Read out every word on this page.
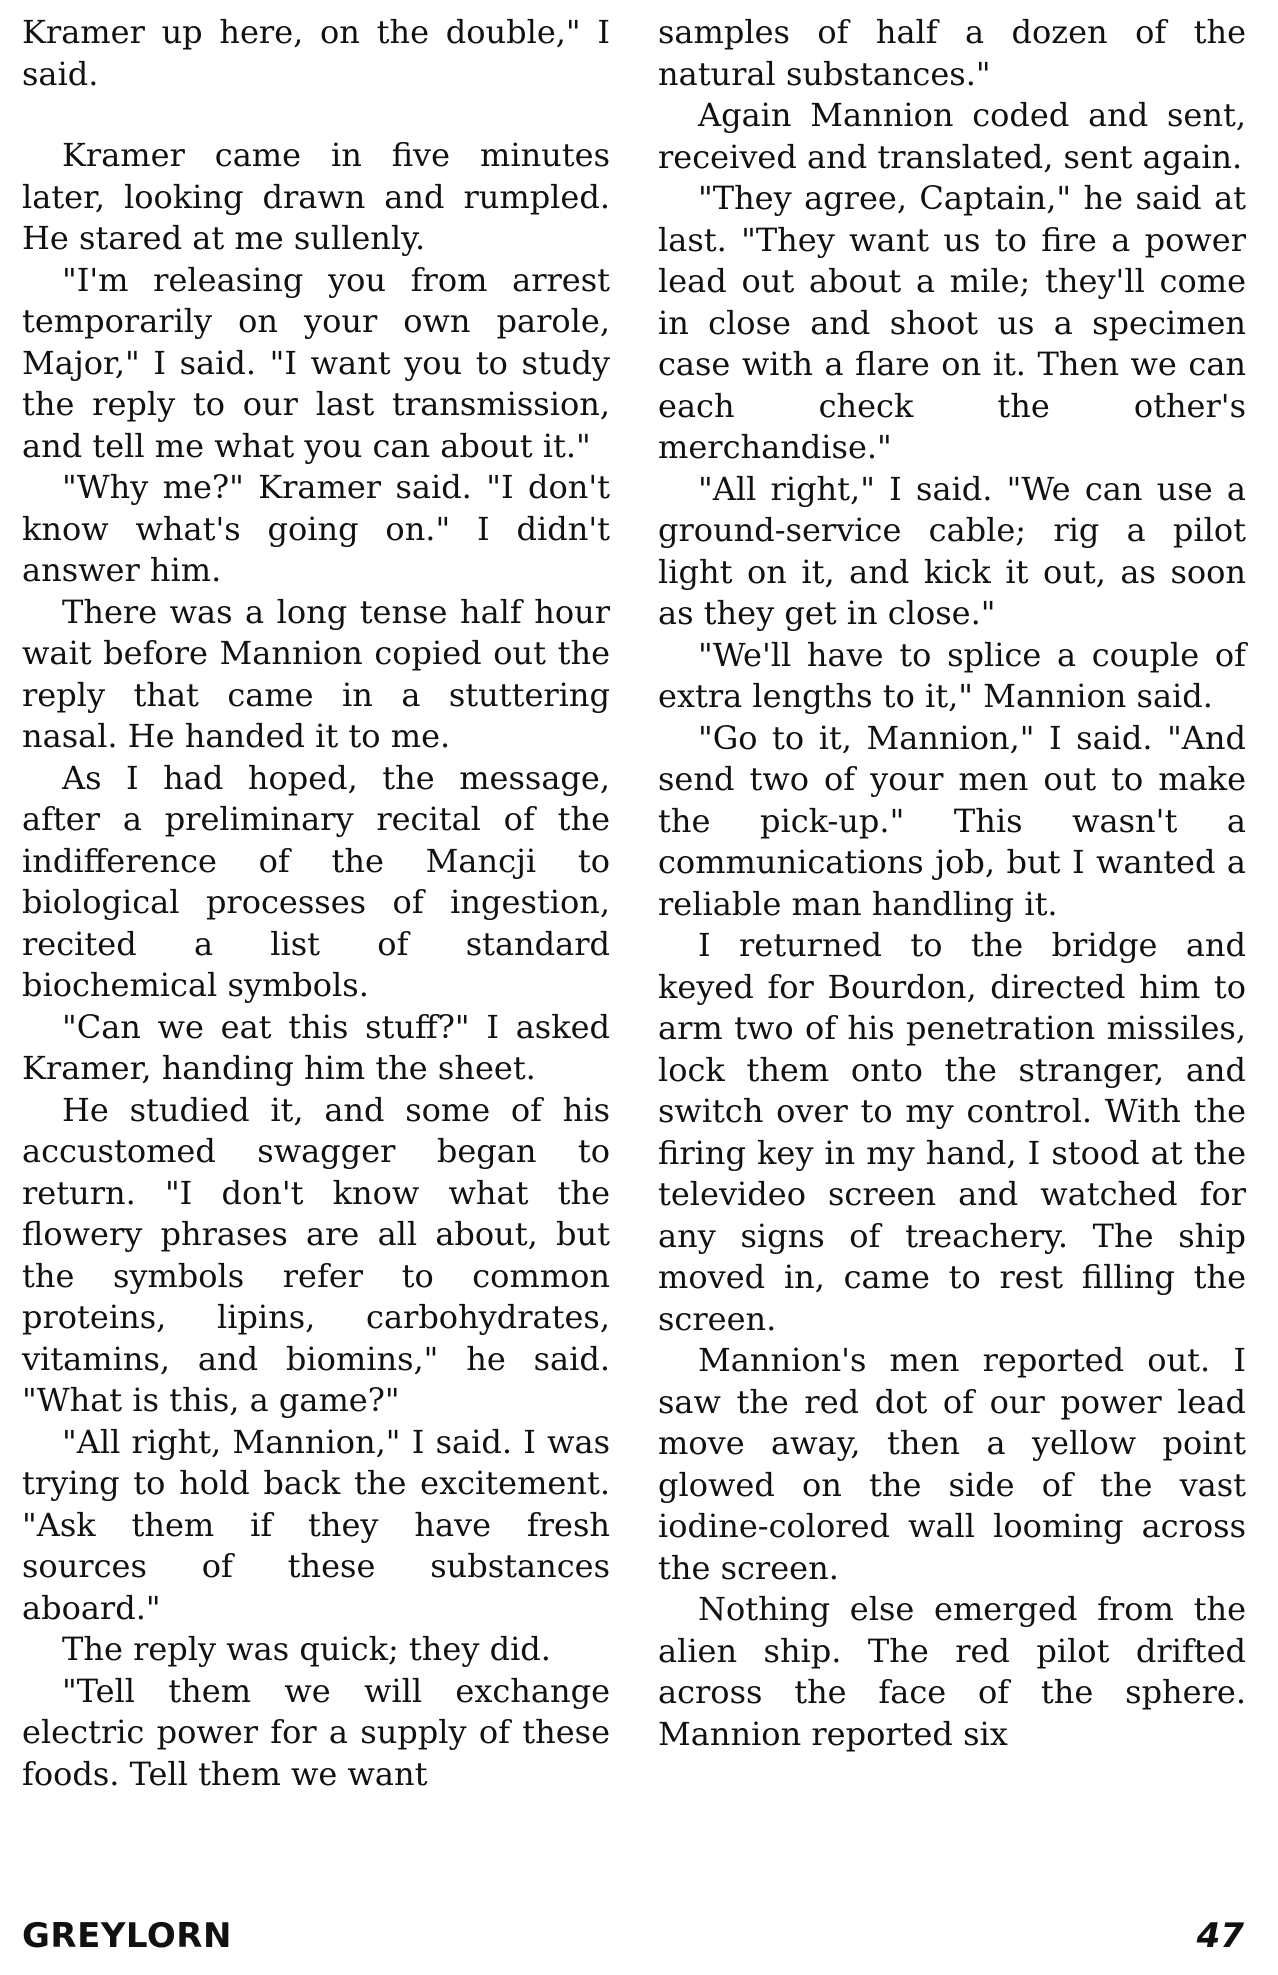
Kramer up here, on the double," I said.

Kramer came in five minutes later, looking drawn and rumpled. He stared at me sullenly.

"I'm releasing you from arrest temporarily on your own parole, Major," I said. "I want you to study the reply to our last transmission, and tell me what you can about it."

"Why me?" Kramer said. "I don't know what's going on." I didn't answer him.

There was a long tense half hour wait before Mannion copied out the reply that came in a stuttering nasal. He handed it to me.

As I had hoped, the message, after a preliminary recital of the indifference of the Mancji to biological processes of ingestion, recited a list of standard biochemical symbols.

"Can we eat this stuff?" I asked Kramer, handing him the sheet.

He studied it, and some of his accustomed swagger began to return. "I don't know what the flowery phrases are all about, but the symbols refer to common proteins, lipins, carbohydrates, vitamins, and biomins," he said. "What is this, a game?"

"All right, Mannion," I said. I was trying to hold back the excitement. "Ask them if they have fresh sources of these substances aboard."

The reply was quick; they did.

"Tell them we will exchange electric power for a supply of these foods. Tell them we want

samples of half a dozen of the natural substances."

Again Mannion coded and sent, received and translated, sent again.

"They agree, Captain," he said at last. "They want us to fire a power lead out about a mile; they'll come in close and shoot us a specimen case with a flare on it. Then we can each check the other's merchandise."

"All right," I said. "We can use a ground-service cable; rig a pilot light on it, and kick it out, as soon as they get in close."

"We'll have to splice a couple of extra lengths to it," Mannion said.

"Go to it, Mannion," I said. "And send two of your men out to make the pick-up." This wasn't a communications job, but I wanted a reliable man handling it.

I returned to the bridge and keyed for Bourdon, directed him to arm two of his penetration missiles, lock them onto the stranger, and switch over to my control. With the firing key in my hand, I stood at the televideo screen and watched for any signs of treachery. The ship moved in, came to rest filling the screen.

Mannion's men reported out. I saw the red dot of our power lead move away, then a yellow point glowed on the side of the vast iodine-colored wall looming across the screen.

Nothing else emerged from the alien ship. The red pilot drifted across the face of the sphere. Mannion reported six

GREYLORN	47
